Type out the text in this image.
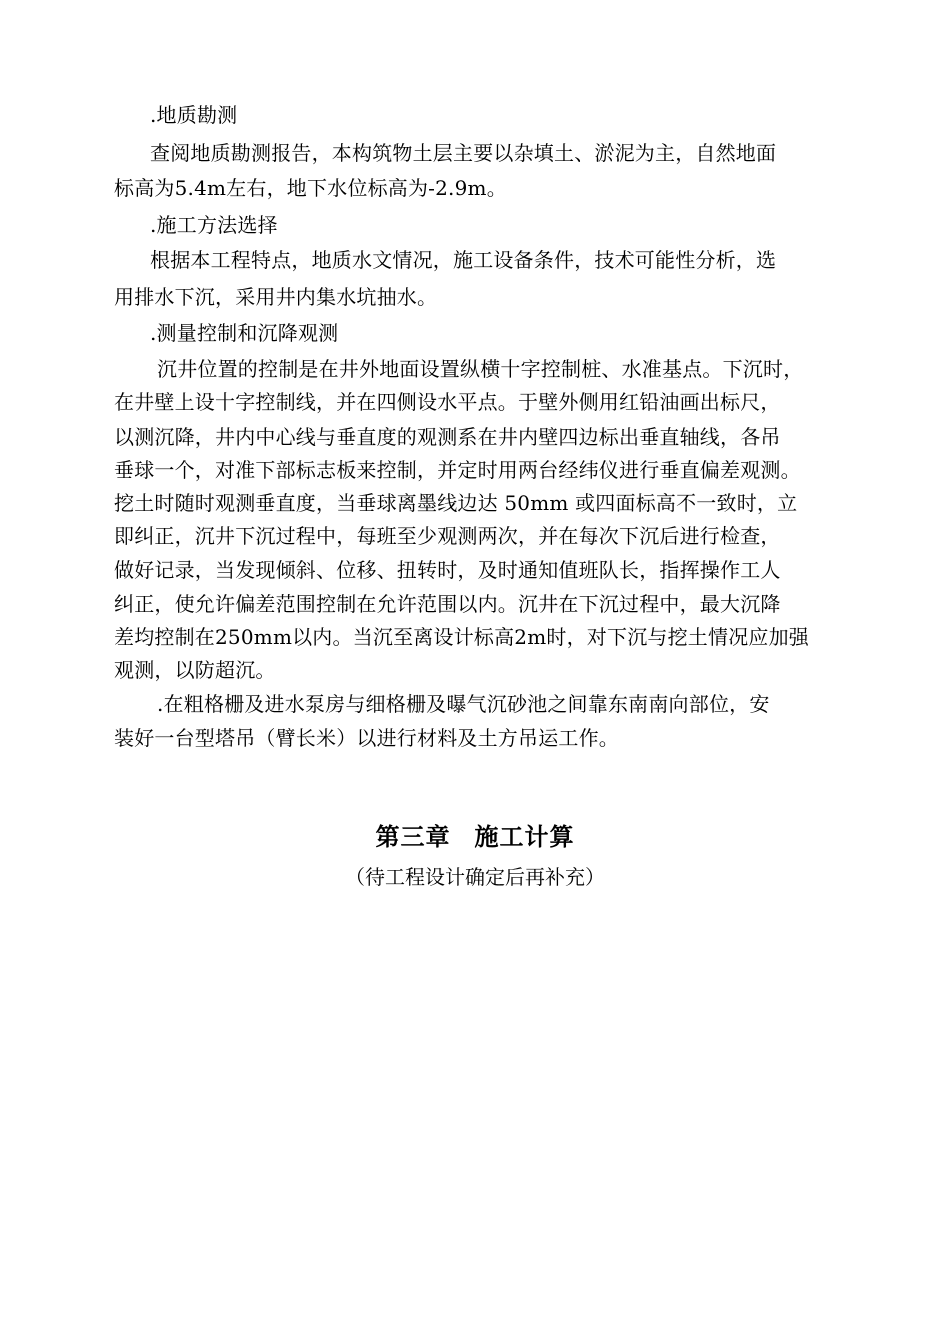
.地质勘测
查阅地质勘测报告，本构筑物土层主要以杂填土、淤泥为主，自然地面
标高为5.4m左右，地下水位标高为-2.9m。
.施工方法选择
根据本工程特点，地质水文情况，施工设备条件，技术可能性分析，选
用排水下沉，采用井内集水坑抽水。
.测量控制和沉降观测
沉井位置的控制是在井外地面设置纵横十字控制桩、水准基点。下沉时，
在井壁上设十字控制线，并在四侧设水平点。于壁外侧用红铅油画出标尺，
以测沉降，井内中心线与垂直度的观测系在井内壁四边标出垂直轴线，各吊
垂球一个，对准下部标志板来控制，并定时用两台经纬仪进行垂直偏差观测。
挖土时随时观测垂直度，当垂球离墨线边达 50mm 或四面标高不一致时，立
即纠正，沉井下沉过程中，每班至少观测两次，并在每次下沉后进行检查，
做好记录，当发现倾斜、位移、扭转时，及时通知值班队长，指挥操作工人
纠正，使允许偏差范围控制在允许范围以内。沉井在下沉过程中，最大沉降
差均控制在250mm以内。当沉至离设计标高2m时，对下沉与挖土情况应加强
观测，以防超沉。
.在粗格栅及进水泵房与细格栅及曝气沉砂池之间靠东南南向部位，安
装好一台型塔吊（臂长米）以进行材料及土方吊运工作。
第三章 施工计算
（待工程设计确定后再补充）
